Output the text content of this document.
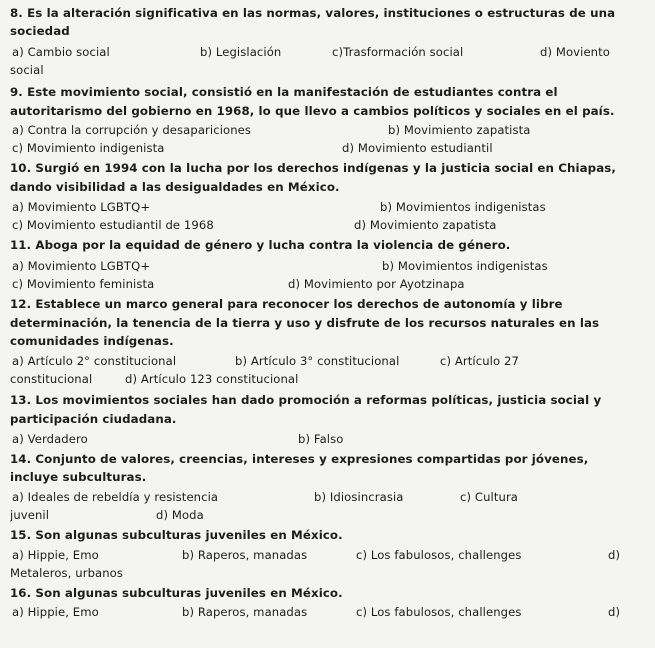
8. Es la alteración significativa en las normas, valores, instituciones o estructuras de una
sociedad
a) Cambio social	b) Legislación	c)Trasformación social	d) Moviento
social
9. Este movimiento social, consistió en la manifestación de estudiantes contra el
autoritarismo del gobierno en 1968, lo que llevo a cambios políticos y sociales en el país.
a) Contra la corrupción y desapariciones	b) Movimiento zapatista
c) Movimiento indigenista	d) Movimiento estudiantil
10. Surgió en 1994 con la lucha por los derechos indígenas y la justicia social en Chiapas,
dando visibilidad a las desigualdades en México.
a) Movimiento LGBTQ+	b) Movimientos indigenistas
c) Movimiento estudiantil de 1968	d) Movimiento zapatista
11. Aboga por la equidad de género y lucha contra la violencia de género.
a) Movimiento LGBTQ+	b) Movimientos indigenistas
c) Movimiento feminista	d) Movimiento por Ayotzinapa
12. Establece un marco general para reconocer los derechos de autonomía y libre
determinación, la tenencia de la tierra y uso y disfrute de los recursos naturales en las
comunidades indígenas.
a) Artículo 2° constitucional	b) Artículo 3° constitucional	c) Artículo 27
constitucional	d) Artículo 123 constitucional
13. Los movimientos sociales han dado promoción a reformas políticas, justicia social y
participación ciudadana.
a) Verdadero	b) Falso
14. Conjunto de valores, creencias, intereses y expresiones compartidas por jóvenes,
incluye subculturas.
a) Ideales de rebeldía y resistencia	b) Idiosincrasia	c) Cultura
juvenil	d) Moda
15. Son algunas subculturas juveniles en México.
a) Hippie, Emo	b) Raperos, manadas	c) Los fabulosos, challenges	d)
Metaleros, urbanos
16. Son algunas subculturas juveniles en México.
a) Hippie, Emo	b) Raperos, manadas	c) Los fabulosos, challenges	d)
